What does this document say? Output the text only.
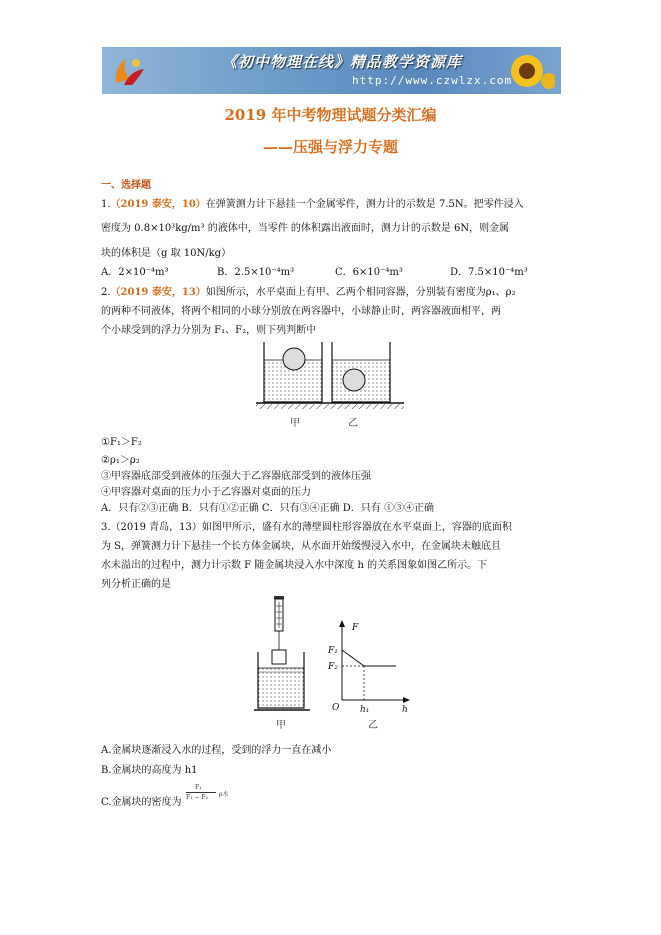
《初中物理在线》精品教学资源库
http://www.czwlzx.com
2019 年中考物理试题分类汇编
——压强与浮力专题
一、选择题
1.（2019 泰安，10）在弹簧测力计下悬挂一个金属零件，测力计的示数是 7.5N。把零件浸入
密度为 0.8×10³kg/m³ 的液体中，当零件 的体积露出液面时，测力计的示数是 6N，则金属
块的体积是（g 取 10N/kg）
A．2×10⁻⁴m³	B．2.5×10⁻⁴m³	C．6×10⁻⁴m³	D．7.5×10⁻⁴m³
2.（2019 泰安，13）如图所示，水平桌面上有甲、乙两个相同容器，分别装有密度为ρ₁、ρ₂
的两种不同液体，将两个相同的小球分别放在两容器中，小球静止时，两容器液面相平，两
个小球受到的浮力分别为 F₁、F₂，则下列判断中
甲	乙
①F₁＞F₂
②ρ₁＞ρ₂
③甲容器底部受到液体的压强大于乙容器底部受到的液体压强
④甲容器对桌面的压力小于乙容器对桌面的压力
A．只有②③正确 B．只有①②正确 C．只有③④正确 D．只有 ①③④正确
3.（2019 青岛，13）如图甲所示，盛有水的薄壁圆柱形容器放在水平桌面上，容器的底面积
为 S，弹簧测力计下悬挂一个长方体金属块，从水面开始缓慢浸入水中，在金属块未触底且
水未溢出的过程中，测力计示数 F 随金属块浸入水中深度 h 的关系图象如图乙所示。下
列分析正确的是
甲
F
F₁
F₂
O h₁	h
乙
A.金属块逐渐浸入水的过程，受到的浮力一直在减小
B.金属块的高度为 h1
C.金属块的密度为
F₁
F₁ − F₂ ρ水
